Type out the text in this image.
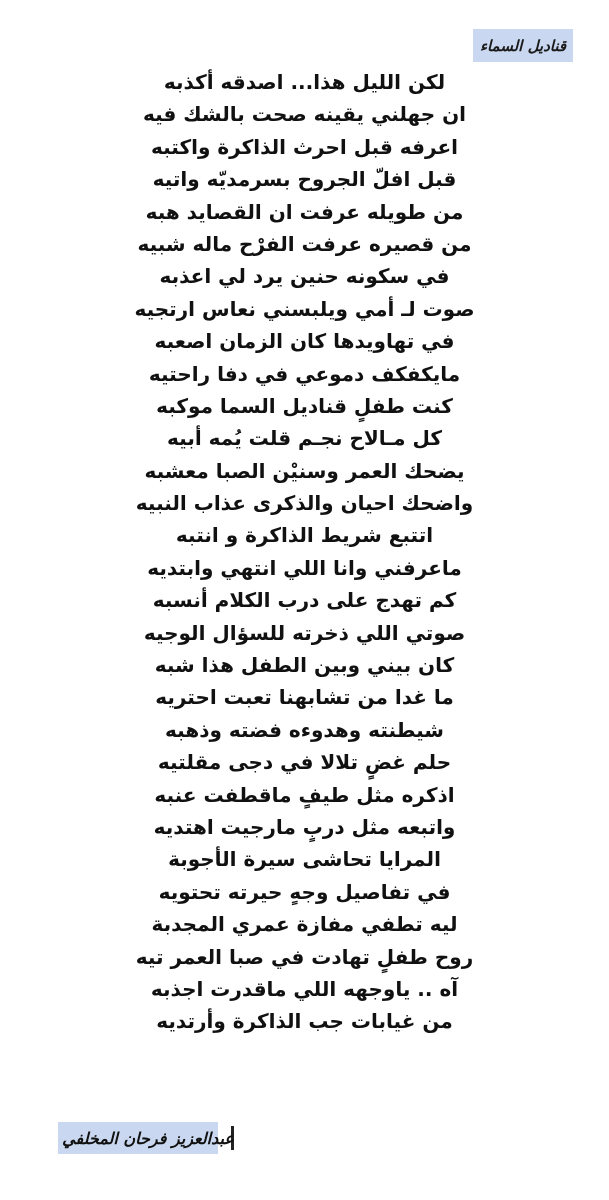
قناديل السماء
لكن الليل هذا... اصدقه أكذبه
ان جهلني يقينه صحت بالشك فيه
اعرفه قبل احرث الذاكرة واكتبه
قبل افلّ الجروح بسرمديّه واتيه
من طويله عرفت ان القصايد هبه
من قصيره عرفت الفرْح ماله شبيه
في سكونه حنين يرد لي اعذبه
صوت لـ أمي ويلبسني نعاس ارتجيه
في تهاويدها كان الزمان اصعبه
مايكفكف دموعي في دفا راحتيه
كنت طفلٍ قناديل السما موكبه
كل مـالاح نجـم قلت يُمه أبيه
يضحك العمر وسنيْن الصبا معشبه
واضحك احيان والذكرى عذاب النبيه
اتتبع شريط الذاكرة و انتبه
ماعرفني وانا اللي انتهي وابتديه
كم تهدج على درب الكلام أنسبه
صوتي اللي ذخرته للسؤال الوجيه
كان بيني وبين الطفل هذا شبه
ما غدا من تشابهنا تعبت احتريه
شيطنته وهدوءه فضته وذهبه
حلم غضٍ تلالا في دجى مقلتيه
اذكره مثل طيفٍ ماقطفت عنبه
واتبعه مثل دربٍ مارجيت اهتديه
المرايا تحاشى سيرة الأجوبة
في تفاصيل وجهٍ حيرته تحتويه
ليه تطفي مفازة عمري المجدبة
روح طفلٍ تهادت في صبا العمر تيه
آه .. ياوجهه اللي ماقدرت اجذبه
من غيابات جب الذاكرة وأرتديه
عبدالعزيز فرحان المخلفي
